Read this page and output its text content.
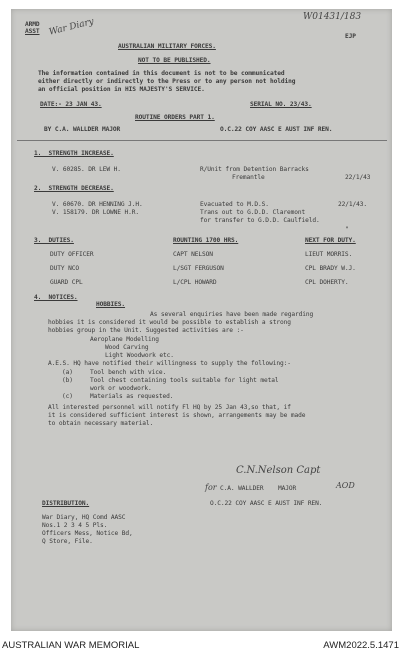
W01431/183
ARMD
ASST War Diary	EJP
AUSTRALIAN MILITARY FORCES.
NOT TO BE PUBLISHED.
The information contained in this document is not to be communicated
either directly or indirectly to the Press or to any person not holding
an official position in HIS MAJESTY'S SERVICE.
DATE:- 23 JAN 43.	SERIAL NO. 23/43.
ROUTINE ORDERS PART 1.
BY C.A. WALLDER MAJOR	O.C.22 COY AASC E AUST INF REN.
1.  STRENGTH INCREASE.
V. 60285. DR LEW H.	R/Unit from Detention Barracks
Fremantle	22/1/43
2.  STRENGTH DECREASE.
V. 60670. DR HENNING J.H.	Evacuated to M.D.S.	22/1/43.
V. 158179. DR LOWNE H.R.	Trans out to G.D.D. Claremont
for transfer to G.D.D. Caulfield.
"
3.  DUTIES.	ROUNTING 1700 HRS.	NEXT FOR DUTY.
DUTY OFFICER	CAPT NELSON	LIEUT MORRIS.
DUTY NCO	L/SGT FERGUSON	CPL BRADY W.J.
GUARD CPL	L/CPL HOWARD	CPL DOHERTY.
4.  NOTICES.
HOBBIES.
As several enquiries have been made regarding
hobbies it is considered it would be possible to establish a strong
hobbies group in the Unit. Suggested activities are :-
Aeroplane Modelling
Wood Carving
Light Woodwork etc.
A.E.S. HQ have notified their willingness to supply the following:-
(a)	Tool bench with vice.
(b)	Tool chest containing tools suitable for light metal
work or woodwork.
(c)	Materials as requested.
All interested personnel will notify Fl HQ by 25 Jan 43,so that, if
it is considered sufficient interest is shown, arrangements may be made
to obtain necessary material.
C.N.Nelson Capt
for C.A. WALLDER    MAJOR	AOD
O.C.22 COY AASC E AUST INF REN.
DISTRIBUTION.
War Diary, HQ Comd AASC
Nos.1 2 3 4 5 Pls.
Officers Mess, Notice Bd,
Q Store, File.
AUSTRALIAN WAR MEMORIAL	AWM2022.5.1471
